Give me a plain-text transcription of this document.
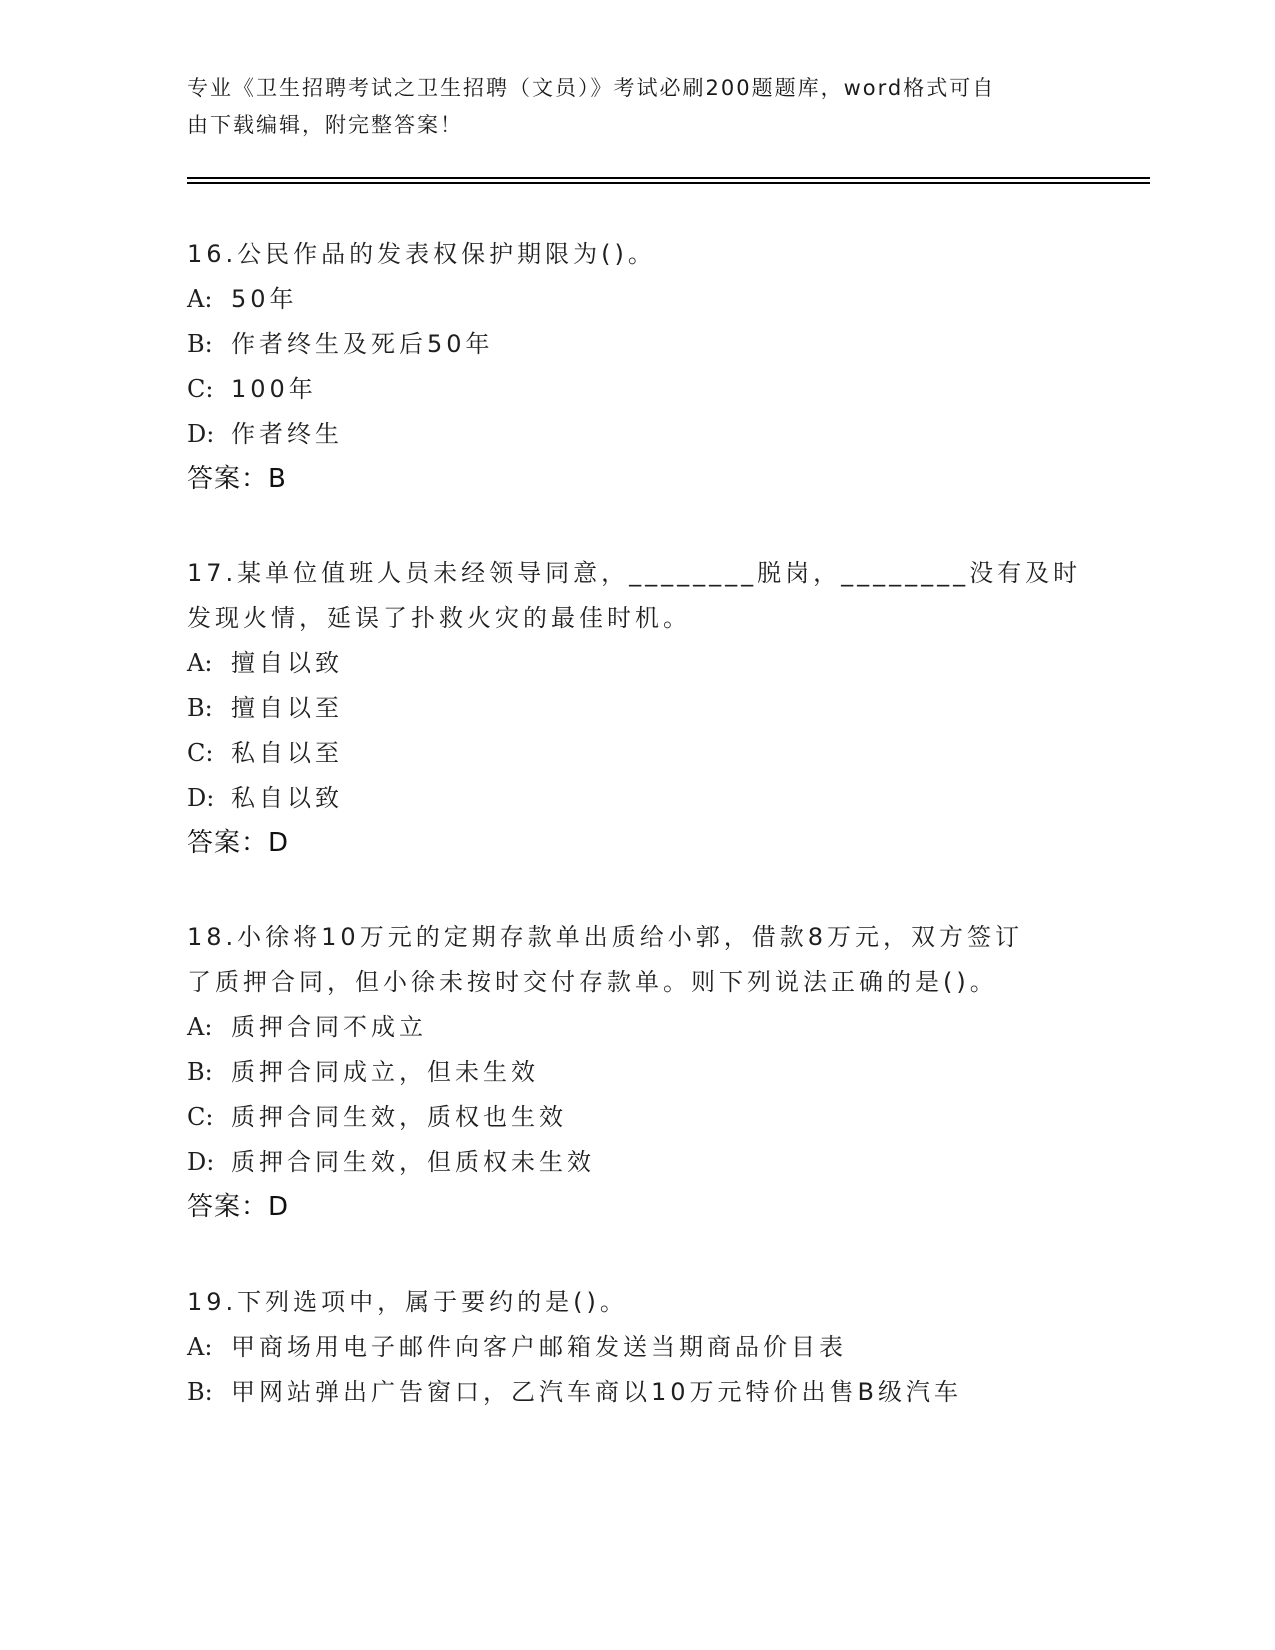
专业《卫生招聘考试之卫生招聘（文员）》考试必刷200题题库，word格式可自
由下载编辑，附完整答案！
16.公民作品的发表权保护期限为()。
A: 50年
B: 作者终生及死后50年
C: 100年
D: 作者终生
答案：B
17.某单位值班人员未经领导同意，________脱岗，________没有及时
发现火情，延误了扑救火灾的最佳时机。
A: 擅自以致
B: 擅自以至
C: 私自以至
D: 私自以致
答案：D
18.小徐将10万元的定期存款单出质给小郭，借款8万元，双方签订
了质押合同，但小徐未按时交付存款单。则下列说法正确的是()。
A: 质押合同不成立
B: 质押合同成立，但未生效
C: 质押合同生效，质权也生效
D: 质押合同生效，但质权未生效
答案：D
19.下列选项中，属于要约的是()。
A: 甲商场用电子邮件向客户邮箱发送当期商品价目表
B: 甲网站弹出广告窗口，乙汽车商以10万元特价出售B级汽车
